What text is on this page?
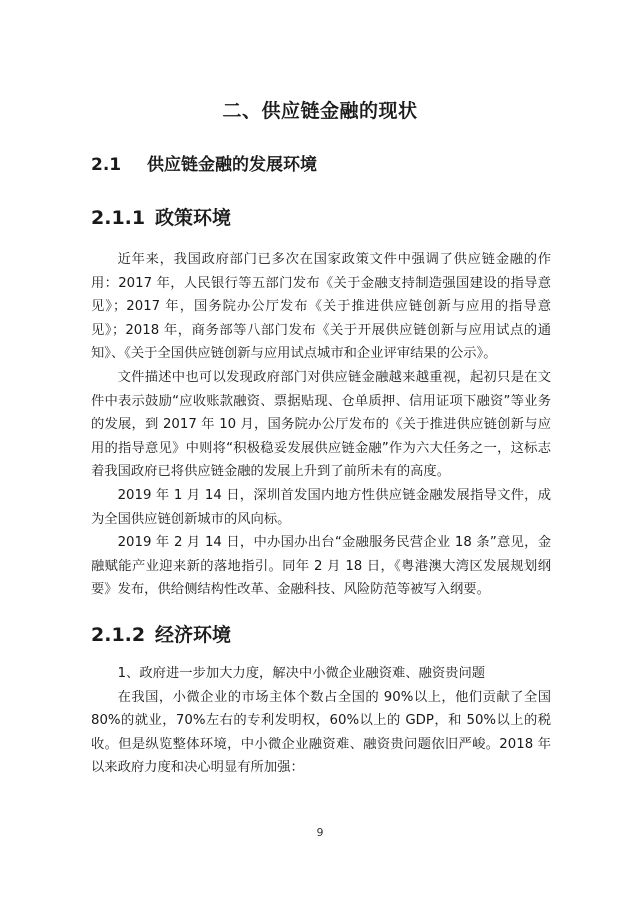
二、供应链金融的现状
2.1 供应链金融的发展环境
2.1.1 政策环境

近年来，我国政府部门已多次在国家政策文件中强调了供应链金融的作用：2017 年，人民银行等五部门发布《关于金融支持制造强国建设的指导意见》；2017 年，国务院办公厅发布《关于推进供应链创新与应用的指导意见》；2018 年，商务部等八部门发布《关于开展供应链创新与应用试点的通知》、《关于全国供应链创新与应用试点城市和企业评审结果的公示》。

文件描述中也可以发现政府部门对供应链金融越来越重视，起初只是在文件中表示鼓励“应收账款融资、票据贴现、仓单质押、信用证项下融资”等业务的发展，到 2017 年 10 月，国务院办公厅发布的《关于推进供应链创新与应用的指导意见》中则将“积极稳妥发展供应链金融”作为六大任务之一，这标志着我国政府已将供应链金融的发展上升到了前所未有的高度。

2019 年 1 月 14 日，深圳首发国内地方性供应链金融发展指导文件，成为全国供应链创新城市的风向标。

2019 年 2 月 14 日，中办国办出台“金融服务民营企业 18 条”意见，金融赋能产业迎来新的落地指引。同年 2 月 18 日，《粤港澳大湾区发展规划纲要》发布，供给侧结构性改革、金融科技、风险防范等被写入纲要。

2.1.2 经济环境

1、政府进一步加大力度，解决中小微企业融资难、融资贵问题

在我国，小微企业的市场主体个数占全国的 90%以上，他们贡献了全国 80%的就业，70%左右的专利发明权，60%以上的 GDP，和 50%以上的税收。但是纵览整体环境，中小微企业融资难、融资贵问题依旧严峻。2018 年以来政府力度和决心明显有所加强：

9
